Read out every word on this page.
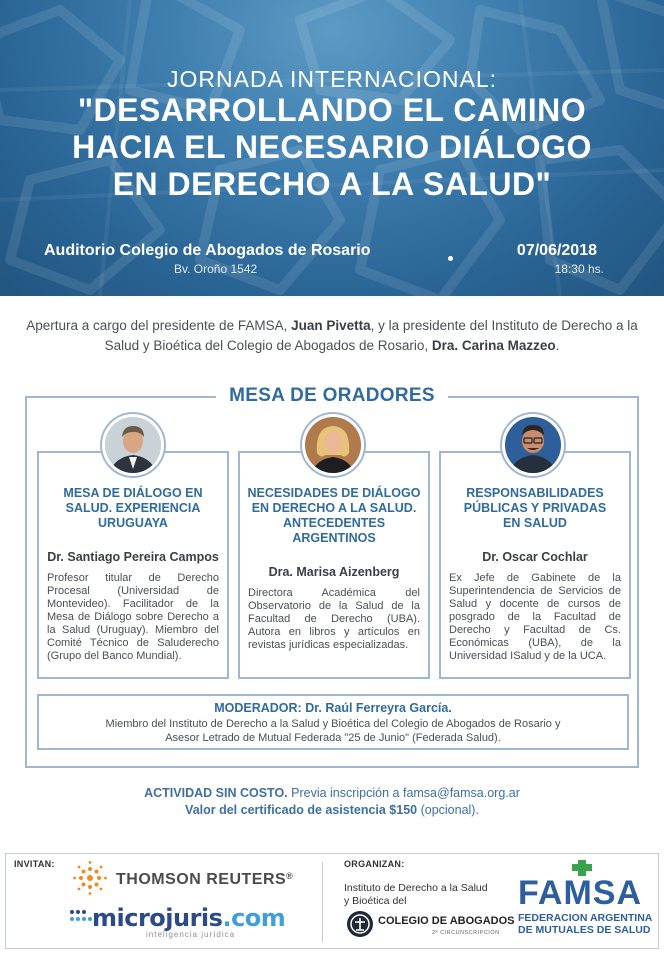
JORNADA INTERNACIONAL:
"DESARROLLANDO EL CAMINO
HACIA EL NECESARIO DIÁLOGO
EN DERECHO A LA SALUD"
Auditorio Colegio de Abogados de Rosario
Bv. Oroño 1542
07/06/2018
18:30 hs.
Apertura a cargo del presidente de FAMSA, Juan Pivetta, y la presidente del Instituto de Derecho a la Salud y Bioética del Colegio de Abogados de Rosario, Dra. Carina Mazzeo.
MESA DE ORADORES
MESA DE DIÁLOGO EN
SALUD. EXPERIENCIA
URUGUAYA
Dr. Santiago Pereira Campos
Profesor titular de Derecho Procesal (Universidad de Montevideo). Facilitador de la Mesa de Diálogo sobre Derecho a la Salud (Uruguay). Miembro del Comité Técnico de Saluderecho (Grupo del Banco Mundial).
NECESIDADES DE DIÁLOGO
EN DERECHO A LA SALUD.
ANTECEDENTES
ARGENTINOS
Dra. Marisa Aizenberg
Directora Académica del Observatorio de la Salud de la Facultad de Derecho (UBA). Autora en libros y artículos en revistas jurídicas especializadas.
RESPONSABILIDADES
PÚBLICAS Y PRIVADAS
EN SALUD
Dr. Oscar Cochlar
Ex Jefe de Gabinete de la Superintendencia de Servicios de Salud y docente de cursos de posgrado de la Facultad de Derecho y Facultad de Cs. Económicas (UBA), de la Universidad ISalud y de la UCA.
MODERADOR: Dr. Raúl Ferreyra García.
Miembro del Instituto de Derecho a la Salud y Bioética del Colegio de Abogados de Rosario y
Asesor Letrado de Mutual Federada "25 de Junio" (Federada Salud).
ACTIVIDAD SIN COSTO. Previa inscripción a famsa@famsa.org.ar
Valor del certificado de asistencia $150 (opcional).
INVITAN:	ORGANIZAN:
THOMSON REUTERS®
microjuris.com
inteligencia jurídica
Instituto de Derecho a la Salud
y Bioética del
COLEGIO DE ABOGADOS
2ª CIRCUNSCRIPCIÓN
FAMSA
FEDERACION ARGENTINA
DE MUTUALES DE SALUD
